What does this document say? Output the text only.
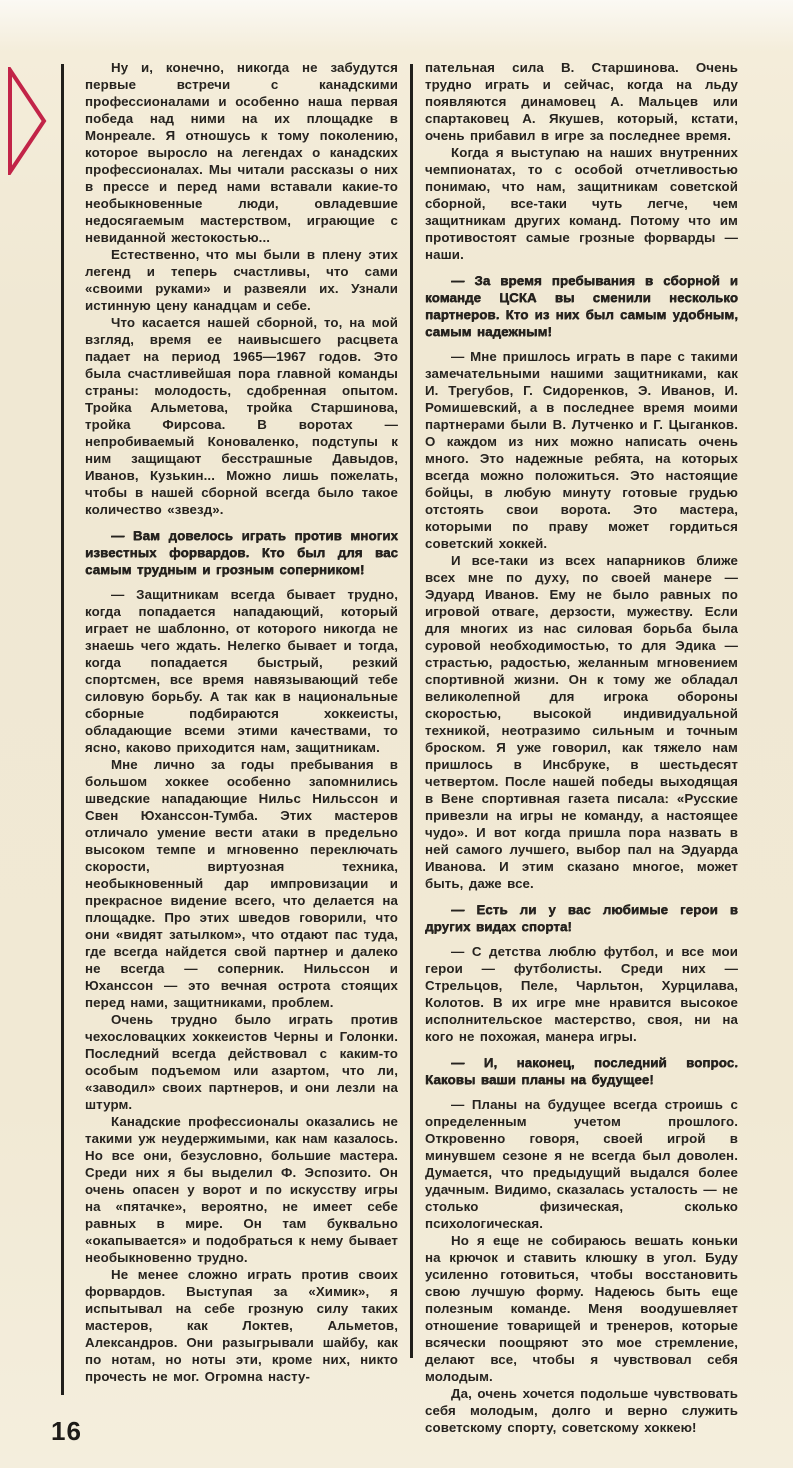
Ну и, конечно, никогда не забудутся первые встречи с канадскими профессионалами и особенно наша первая победа над ними на их площадке в Монреале. Я отношусь к тому поколению, которое выросло на легендах о канадских профессионалах. Мы читали рассказы о них в прессе и перед нами вставали какие-то необыкновенные люди, овладевшие недосягаемым мастерством, играющие с невиданной жестокостью...

Естественно, что мы были в плену этих легенд и теперь счастливы, что сами «своими руками» и развеяли их. Узнали истинную цену канадцам и себе.

Что касается нашей сборной, то, на мой взгляд, время ее наивысшего расцвета падает на период 1965—1967 годов. Это была счастливейшая пора главной команды страны: молодость, сдобренная опытом. Тройка Альметова, тройка Старшинова, тройка Фирсова. В воротах — непробиваемый Коноваленко, подступы к ним защищают бесстрашные Давыдов, Иванов, Кузькин... Можно лишь пожелать, чтобы в нашей сборной всегда было такое количество «звезд».

— Вам довелось играть против многих известных форвардов. Кто был для вас самым трудным и грозным соперником!

— Защитникам всегда бывает трудно, когда попадается нападающий, который играет не шаблонно, от которого никогда не знаешь чего ждать. Нелегко бывает и тогда, когда попадается быстрый, резкий спортсмен, все время навязывающий тебе силовую борьбу. А так как в национальные сборные подбираются хоккеисты, обладающие всеми этими качествами, то ясно, каково приходится нам, защитникам.

Мне лично за годы пребывания в большом хоккее особенно запомнились шведские нападающие Нильс Нильссон и Свен Юханссон-Тумба. Этих мастеров отличало умение вести атаки в предельно высоком темпе и мгновенно переключать скорости, виртуозная техника, необыкновенный дар импровизации и прекрасное видение всего, что делается на площадке. Про этих шведов говорили, что они «видят затылком», что отдают пас туда, где всегда найдется свой партнер и далеко не всегда — соперник. Нильссон и Юханссон — это вечная острота стоящих перед нами, защитниками, проблем.

Очень трудно было играть против чехословацких хоккеистов Черны и Голонки. Последний всегда действовал с каким-то особым подъемом или азартом, что ли, «заводил» своих партнеров, и они лезли на штурм.

Канадские профессионалы оказались не такими уж неудержимыми, как нам казалось. Но все они, безусловно, большие мастера. Среди них я бы выделил Ф. Эспозито. Он очень опасен у ворот и по искусству игры на «пятачке», вероятно, не имеет себе равных в мире. Он там буквально «окапывается» и подобраться к нему бывает необыкновенно трудно.

Не менее сложно играть против своих форвардов. Выступая за «Химик», я испытывал на себе грозную силу таких мастеров, как Локтев, Альметов, Александров. Они разыгрывали шайбу, как по нотам, но ноты эти, кроме них, никто прочесть не мог. Огромна насту-

пательная сила В. Старшинова. Очень трудно играть и сейчас, когда на льду появляются динамовец А. Мальцев или спартаковец А. Якушев, который, кстати, очень прибавил в игре за последнее время.

Когда я выступаю на наших внутренних чемпионатах, то с особой отчетливостью понимаю, что нам, защитникам советской сборной, все-таки чуть легче, чем защитникам других команд. Потому что им противостоят самые грозные форварды — наши.

— За время пребывания в сборной и команде ЦСКА вы сменили несколько партнеров. Кто из них был самым удобным, самым надежным!

— Мне пришлось играть в паре с такими замечательными нашими защитниками, как И. Трегубов, Г. Сидоренков, Э. Иванов, И. Ромишевский, а в последнее время моими партнерами были В. Лутченко и Г. Цыганков. О каждом из них можно написать очень много. Это надежные ребята, на которых всегда можно положиться. Это настоящие бойцы, в любую минуту готовые грудью отстоять свои ворота. Это мастера, которыми по праву может гордиться советский хоккей.

И все-таки из всех напарников ближе всех мне по духу, по своей манере — Эдуард Иванов. Ему не было равных по игровой отваге, дерзости, мужеству. Если для многих из нас силовая борьба была суровой необходимостью, то для Эдика — страстью, радостью, желанным мгновением спортивной жизни. Он к тому же обладал великолепной для игрока обороны скоростью, высокой индивидуальной техникой, неотразимо сильным и точным броском. Я уже говорил, как тяжело нам пришлось в Инсбруке, в шестьдесят четвертом. После нашей победы выходящая в Вене спортивная газета писала: «Русские привезли на игры не команду, а настоящее чудо». И вот когда пришла пора назвать в ней самого лучшего, выбор пал на Эдуарда Иванова. И этим сказано многое, может быть, даже все.

— Есть ли у вас любимые герои в других видах спорта!

— С детства люблю футбол, и все мои герои — футболисты. Среди них — Стрельцов, Пеле, Чарльтон, Хурцилава, Колотов. В их игре мне нравится высокое исполнительское мастерство, своя, ни на кого не похожая, манера игры.

— И, наконец, последний вопрос. Каковы ваши планы на будущее!

— Планы на будущее всегда строишь с определенным учетом прошлого. Откровенно говоря, своей игрой в минувшем сезоне я не всегда был доволен. Думается, что предыдущий выдался более удачным. Видимо, сказалась усталость — не столько физическая, сколько психологическая.

Но я еще не собираюсь вешать коньки на крючок и ставить клюшку в угол. Буду усиленно готовиться, чтобы восстановить свою лучшую форму. Надеюсь быть еще полезным команде. Меня воодушевляет отношение товарищей и тренеров, которые всячески поощряют это мое стремление, делают все, чтобы я чувствовал себя молодым.

Да, очень хочется подольше чувствовать себя молодым, долго и верно служить советскому спорту, советскому хоккею!

16
